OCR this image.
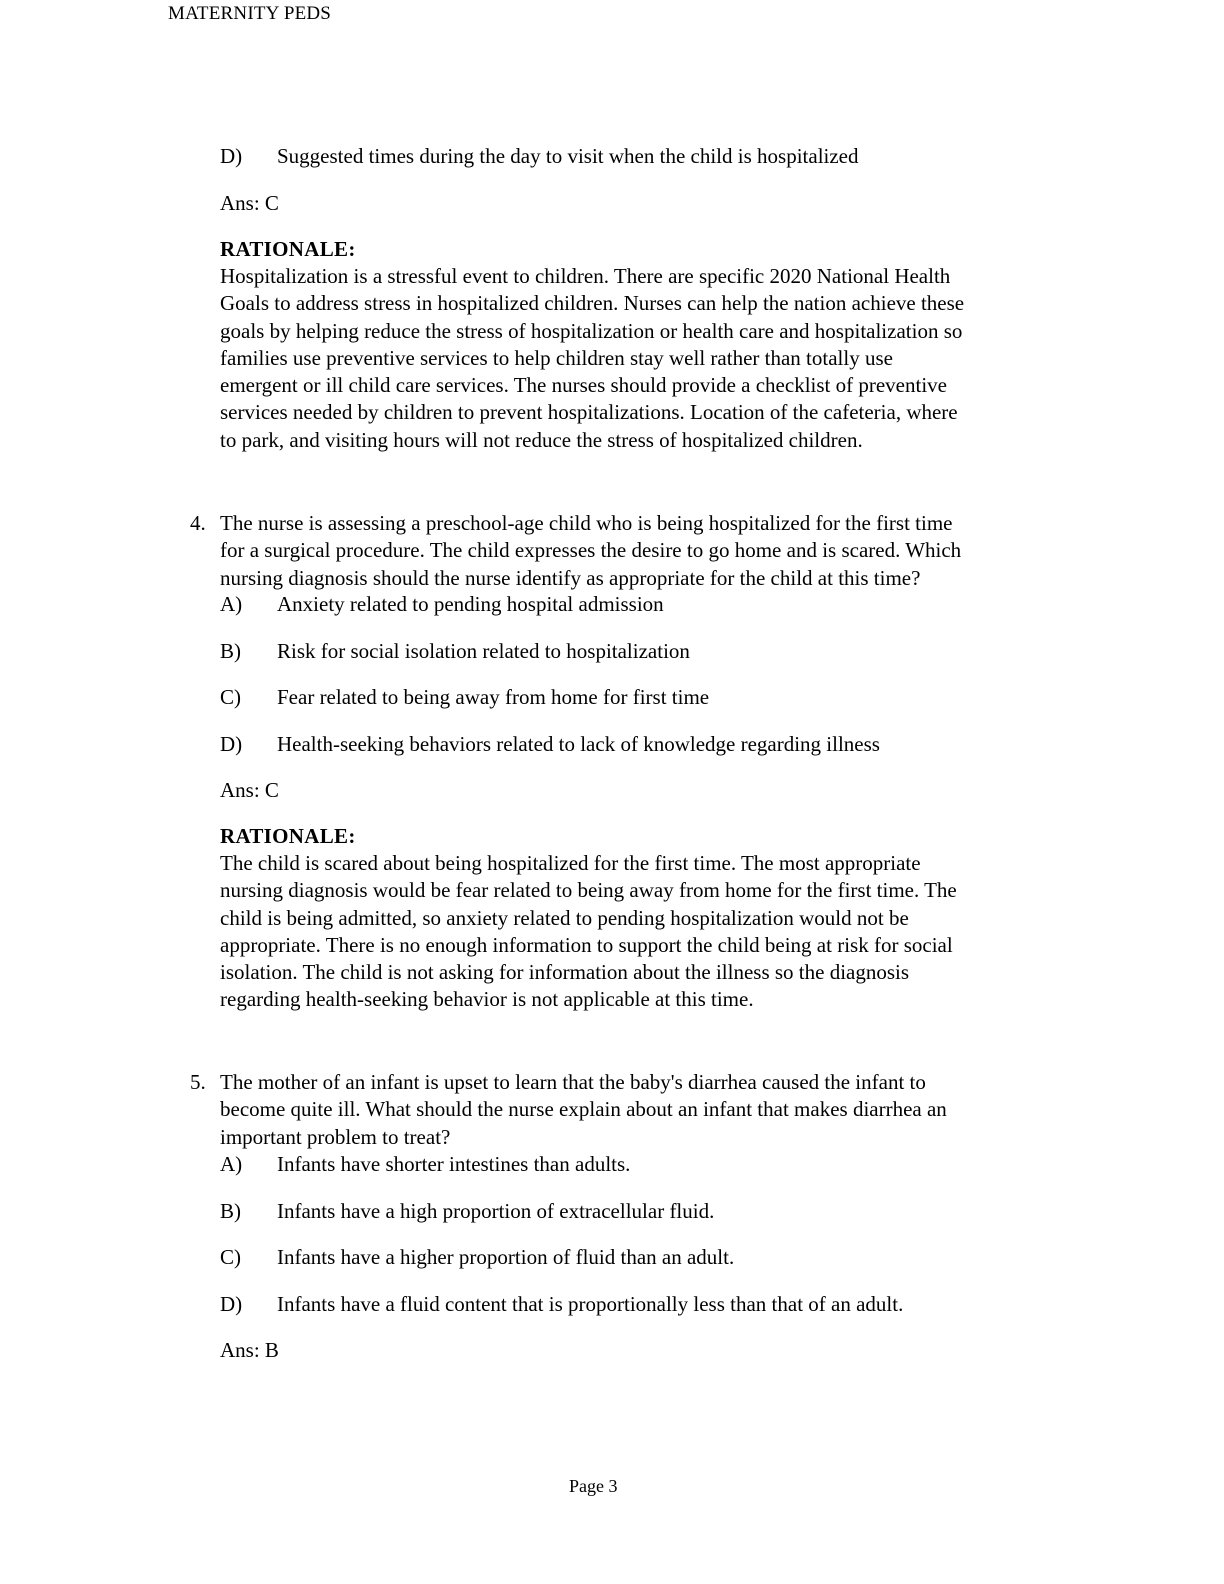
MATERNITY PEDS
D) Suggested times during the day to visit when the child is hospitalized
Ans: C
RATIONALE:
Hospitalization is a stressful event to children. There are specific 2020 National Health
Goals to address stress in hospitalized children. Nurses can help the nation achieve these
goals by helping reduce the stress of hospitalization or health care and hospitalization so
families use preventive services to help children stay well rather than totally use
emergent or ill child care services. The nurses should provide a checklist of preventive
services needed by children to prevent hospitalizations. Location of the cafeteria, where
to park, and visiting hours will not reduce the stress of hospitalized children.
4. The nurse is assessing a preschool-age child who is being hospitalized for the first time
for a surgical procedure. The child expresses the desire to go home and is scared. Which
nursing diagnosis should the nurse identify as appropriate for the child at this time?
A) Anxiety related to pending hospital admission
B) Risk for social isolation related to hospitalization
C) Fear related to being away from home for first time
D) Health-seeking behaviors related to lack of knowledge regarding illness
Ans: C
RATIONALE:
The child is scared about being hospitalized for the first time. The most appropriate
nursing diagnosis would be fear related to being away from home for the first time. The
child is being admitted, so anxiety related to pending hospitalization would not be
appropriate. There is no enough information to support the child being at risk for social
isolation. The child is not asking for information about the illness so the diagnosis
regarding health-seeking behavior is not applicable at this time.
5. The mother of an infant is upset to learn that the baby's diarrhea caused the infant to
become quite ill. What should the nurse explain about an infant that makes diarrhea an
important problem to treat?
A) Infants have shorter intestines than adults.
B) Infants have a high proportion of extracellular fluid.
C) Infants have a higher proportion of fluid than an adult.
D) Infants have a fluid content that is proportionally less than that of an adult.
Ans: B
Page 3
